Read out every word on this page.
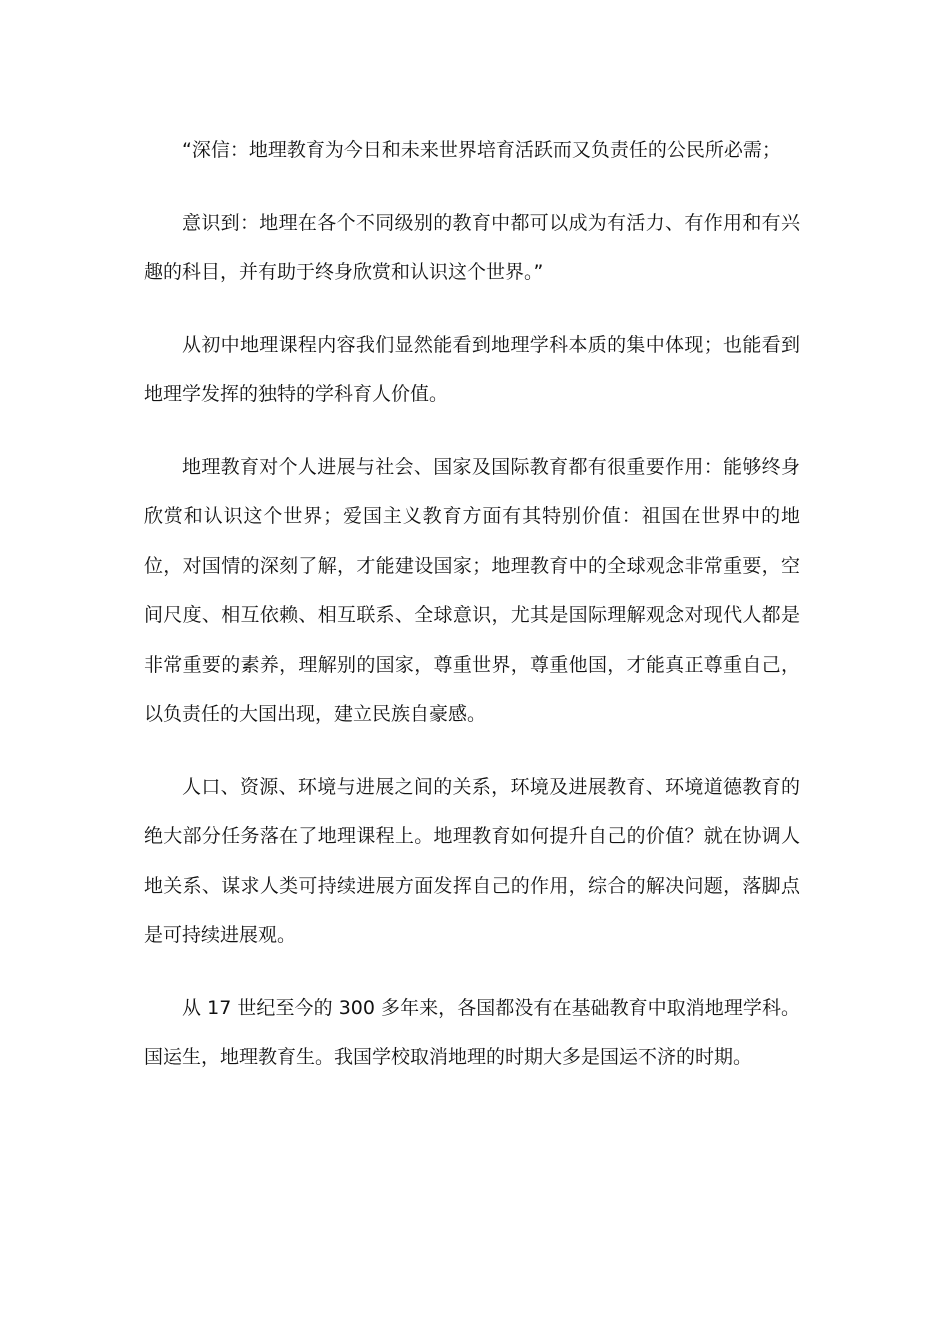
“深信：地理教育为今日和未来世界培育活跃而又负责任的公民所必需；

意识到：地理在各个不同级别的教育中都可以成为有活力、有作用和有兴趣的科目，并有助于终身欣赏和认识这个世界。”

从初中地理课程内容我们显然能看到地理学科本质的集中体现；也能看到地理学发挥的独特的学科育人价值。

地理教育对个人进展与社会、国家及国际教育都有很重要作用：能够终身欣赏和认识这个世界；爱国主义教育方面有其特别价值：祖国在世界中的地位，对国情的深刻了解，才能建设国家；地理教育中的全球观念非常重要，空间尺度、相互依赖、相互联系、全球意识，尤其是国际理解观念对现代人都是非常重要的素养，理解别的国家，尊重世界，尊重他国，才能真正尊重自己，以负责任的大国出现，建立民族自豪感。

人口、资源、环境与进展之间的关系，环境及进展教育、环境道德教育的绝大部分任务落在了地理课程上。地理教育如何提升自己的价值？就在协调人地关系、谋求人类可持续进展方面发挥自己的作用，综合的解决问题，落脚点是可持续进展观。

从 17 世纪至今的 300 多年来，各国都没有在基础教育中取消地理学科。国运生，地理教育生。我国学校取消地理的时期大多是国运不济的时期。
